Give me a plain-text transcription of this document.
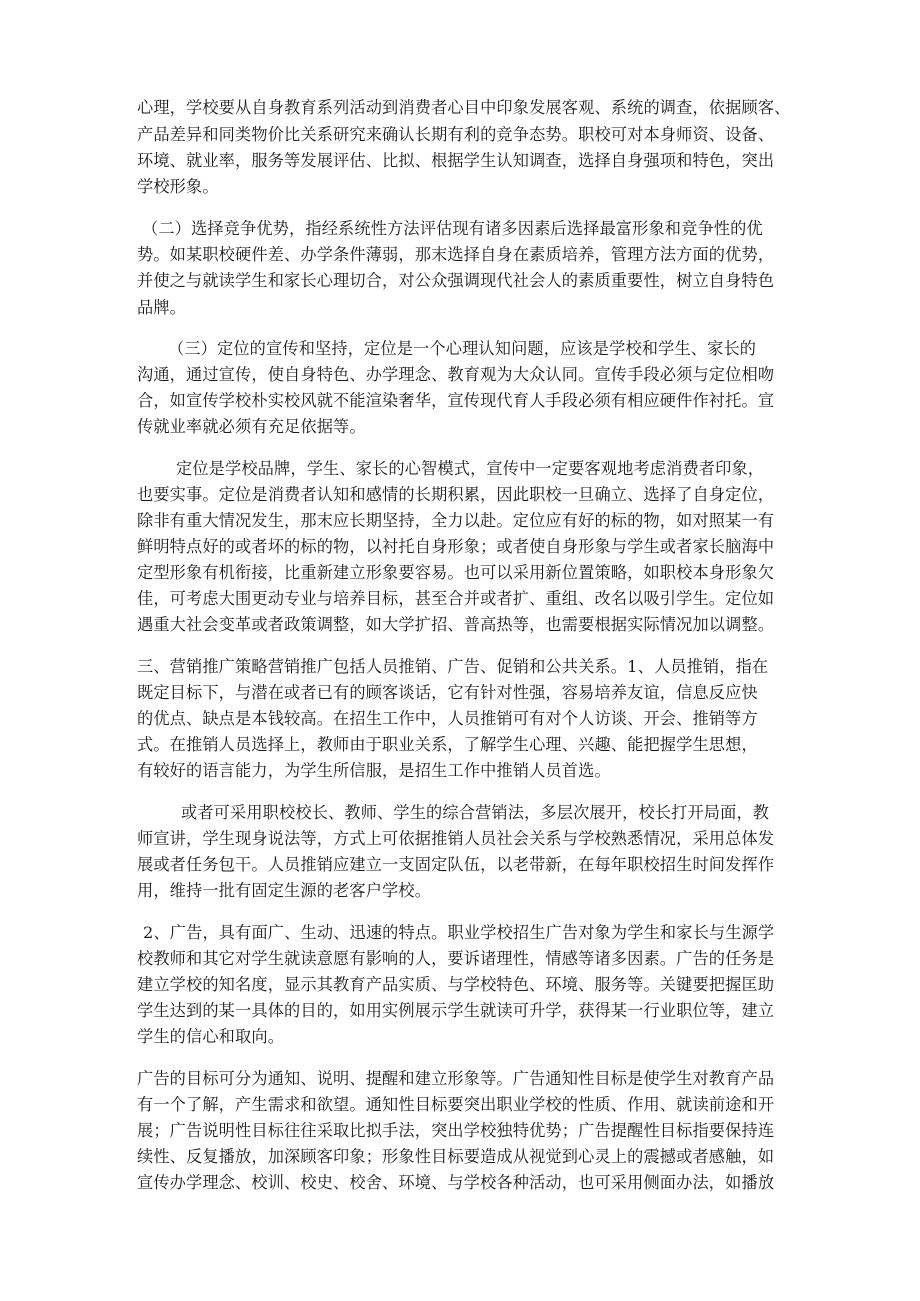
心理，学校要从自身教育系列活动到消费者心目中印象发展客观、系统的调查，依据顾客、
产品差异和同类物价比关系研究来确认长期有利的竞争态势。职校可对本身师资、设备、
环境、就业率，服务等发展评估、比拟、根据学生认知调查，选择自身强项和特色，突出
学校形象。
（二）选择竞争优势，指经系统性方法评估现有诸多因素后选择最富形象和竞争性的优
势。如某职校硬件差、办学条件薄弱，那末选择自身在素质培养，管理方法方面的优势，
并使之与就读学生和家长心理切合，对公众强调现代社会人的素质重要性，树立自身特色
品牌。
（三）定位的宣传和坚持，定位是一个心理认知问题，应该是学校和学生、家长的
沟通，通过宣传，使自身特色、办学理念、教育观为大众认同。宣传手段必须与定位相吻
合，如宣传学校朴实校风就不能渲染奢华，宣传现代育人手段必须有相应硬件作衬托。宣
传就业率就必须有充足依据等。
定位是学校品牌，学生、家长的心智模式，宣传中一定要客观地考虑消费者印象，
也要实事。定位是消费者认知和感情的长期积累，因此职校一旦确立、选择了自身定位，
除非有重大情况发生，那末应长期坚持，全力以赴。定位应有好的标的物，如对照某一有
鲜明特点好的或者坏的标的物，以衬托自身形象；或者使自身形象与学生或者家长脑海中
定型形象有机衔接，比重新建立形象要容易。也可以采用新位置策略，如职校本身形象欠
佳，可考虑大围更动专业与培养目标，甚至合并或者扩、重组、改名以吸引学生。定位如
遇重大社会变革或者政策调整，如大学扩招、普高热等，也需要根据实际情况加以调整。
三、营销推广策略营销推广包括人员推销、广告、促销和公共关系。1、人员推销，指在
既定目标下，与潜在或者已有的顾客谈话，它有针对性强，容易培养友谊，信息反应快
的优点、缺点是本钱较高。在招生工作中，人员推销可有对个人访谈、开会、推销等方
式。在推销人员选择上，教师由于职业关系，了解学生心理、兴趣、能把握学生思想，
有较好的语言能力，为学生所信服，是招生工作中推销人员首选。
或者可采用职校校长、教师、学生的综合营销法，多层次展开，校长打开局面，教
师宣讲，学生现身说法等，方式上可依据推销人员社会关系与学校熟悉情况，采用总体发
展或者任务包干。人员推销应建立一支固定队伍，以老带新，在每年职校招生时间发挥作
用，维持一批有固定生源的老客户学校。
2、广告，具有面广、生动、迅速的特点。职业学校招生广告对象为学生和家长与生源学
校教师和其它对学生就读意愿有影响的人，要诉诸理性，情感等诸多因素。广告的任务是
建立学校的知名度，显示其教育产品实质、与学校特色、环境、服务等。关键要把握匡助
学生达到的某一具体的目的，如用实例展示学生就读可升学，获得某一行业职位等，建立
学生的信心和取向。
广告的目标可分为通知、说明、提醒和建立形象等。广告通知性目标是使学生对教育产品
有一个了解，产生需求和欲望。通知性目标要突出职业学校的性质、作用、就读前途和开
展；广告说明性目标往往采取比拟手法，突出学校独特优势；广告提醒性目标指要保持连
续性、反复播放，加深顾客印象；形象性目标要造成从视觉到心灵上的震撼或者感触，如
宣传办学理念、校训、校史、校舍、环境、与学校各种活动，也可采用侧面办法，如播放
